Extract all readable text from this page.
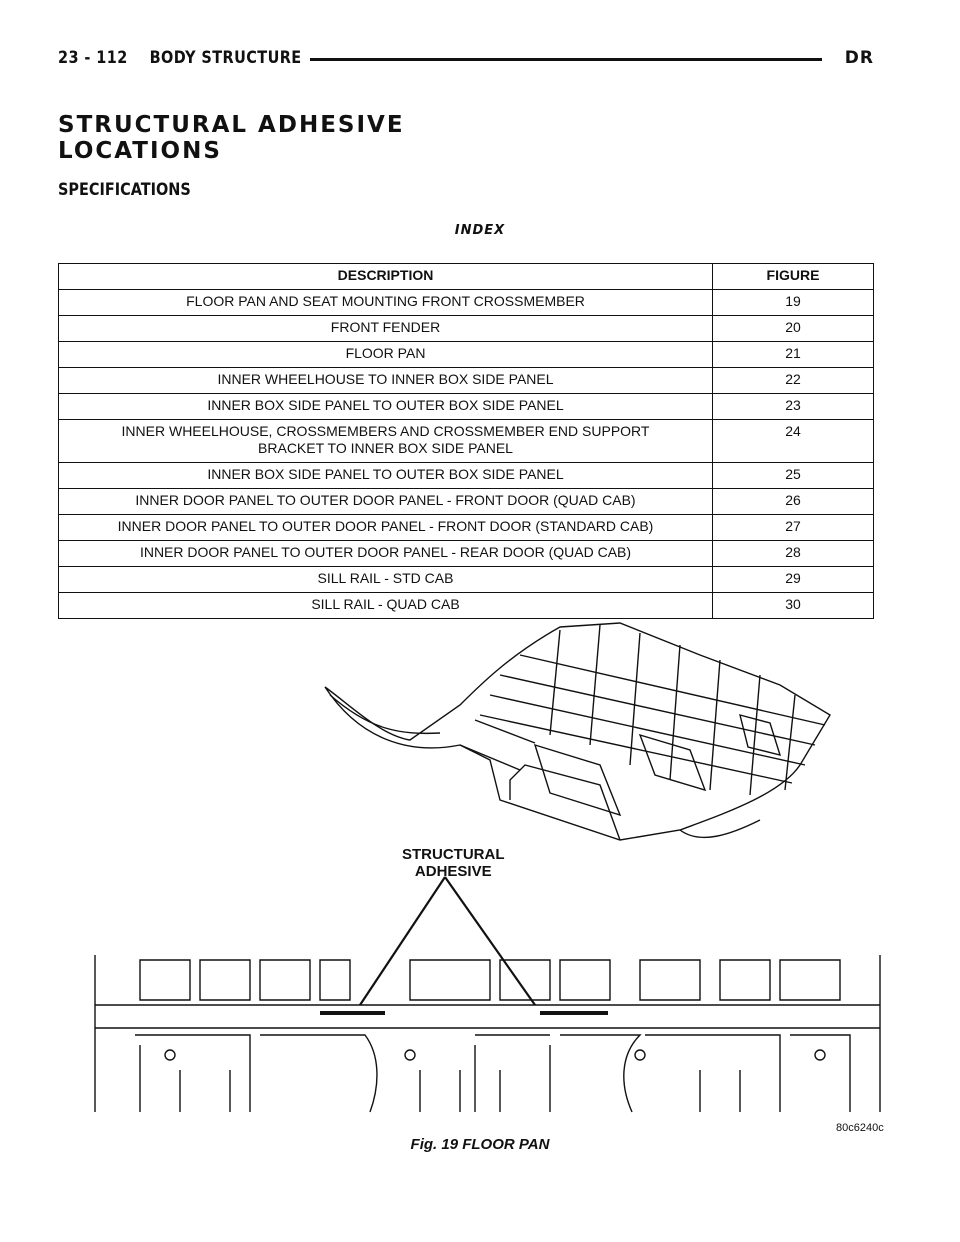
23 - 112 BODY STRUCTURE	DR
STRUCTURAL ADHESIVE
LOCATIONS
SPECIFICATIONS
INDEX
DESCRIPTION	FIGURE
FLOOR PAN AND SEAT MOUNTING FRONT CROSSMEMBER	19
FRONT FENDER	20
FLOOR PAN	21
INNER WHEELHOUSE TO INNER BOX SIDE PANEL	22
INNER BOX SIDE PANEL TO OUTER BOX SIDE PANEL	23

INNER WHEELHOUSE, CROSSMEMBERS AND CROSSMEMBER END SUPPORT
BRACKET TO INNER BOX SIDE PANEL	24
INNER BOX SIDE PANEL TO OUTER BOX SIDE PANEL	25
INNER DOOR PANEL TO OUTER DOOR PANEL - FRONT DOOR (QUAD CAB)	26
INNER DOOR PANEL TO OUTER DOOR PANEL - FRONT DOOR (STANDARD CAB)	27
INNER DOOR PANEL TO OUTER DOOR PANEL - REAR DOOR (QUAD CAB)	28
SILL RAIL - STD CAB	29
SILL RAIL - QUAD CAB	30
STRUCTURAL
ADHESIVE
80c6240c
Fig. 19 FLOOR PAN
